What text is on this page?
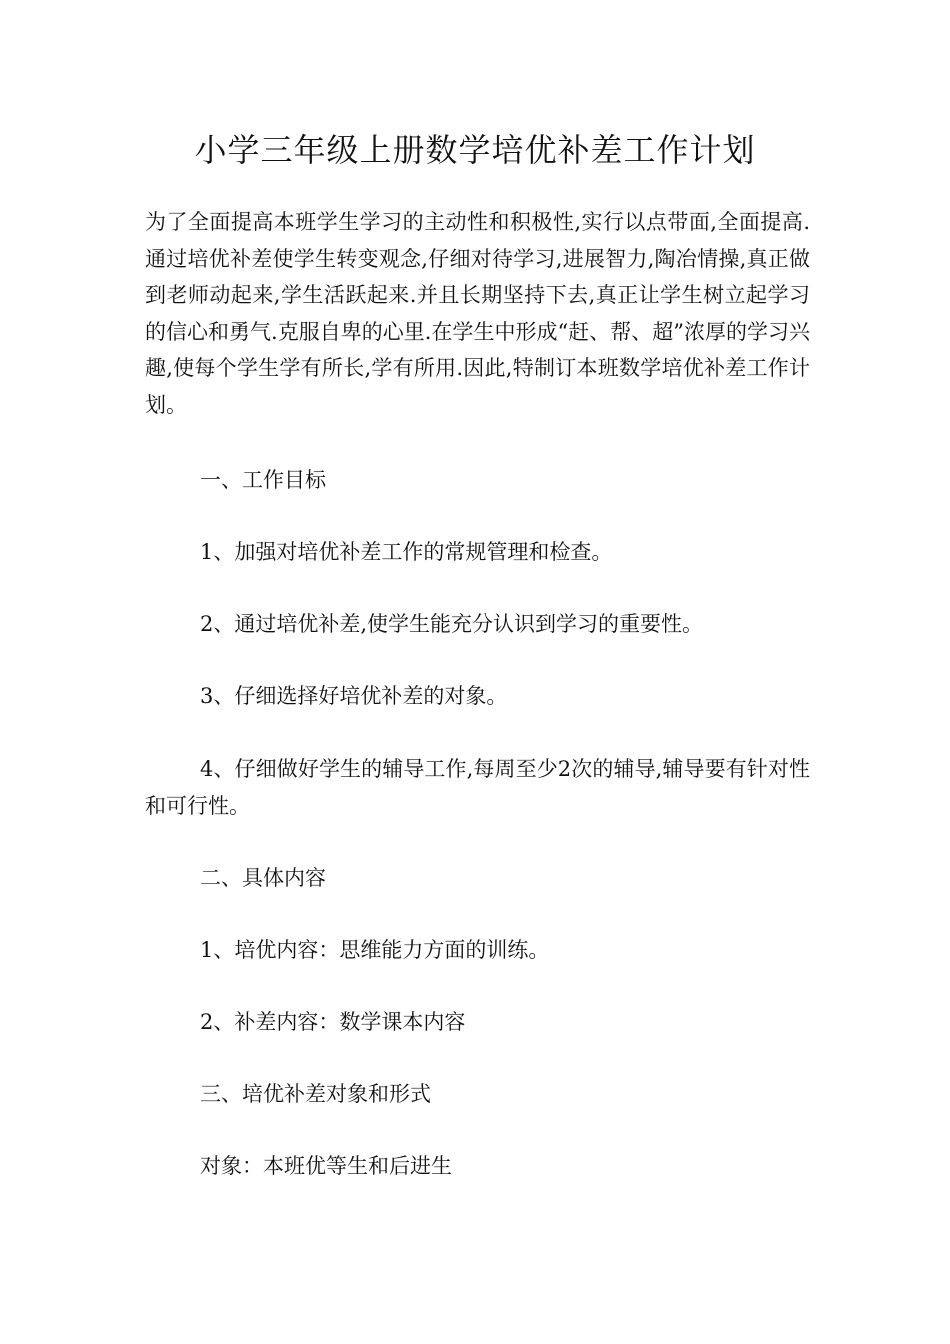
小学三年级上册数学培优补差工作计划

为了全面提高本班学生学习的主动性和积极性,实行以点带面,全面提高.通过培优补差使学生转变观念,仔细对待学习,进展智力,陶冶情操,真正做到老师动起来,学生活跃起来.并且长期坚持下去,真正让学生树立起学习的信心和勇气.克服自卑的心里.在学生中形成“赶、帮、超”浓厚的学习兴趣,使每个学生学有所长,学有所用.因此,特制订本班数学培优补差工作计划。

一、工作目标

1、加强对培优补差工作的常规管理和检查。

2、通过培优补差,使学生能充分认识到学习的重要性。

3、仔细选择好培优补差的对象。

4、仔细做好学生的辅导工作,每周至少2次的辅导,辅导要有针对性和可行性。

二、具体内容

1、培优内容：思维能力方面的训练。

2、补差内容：数学课本内容

三、培优补差对象和形式

对象：本班优等生和后进生
